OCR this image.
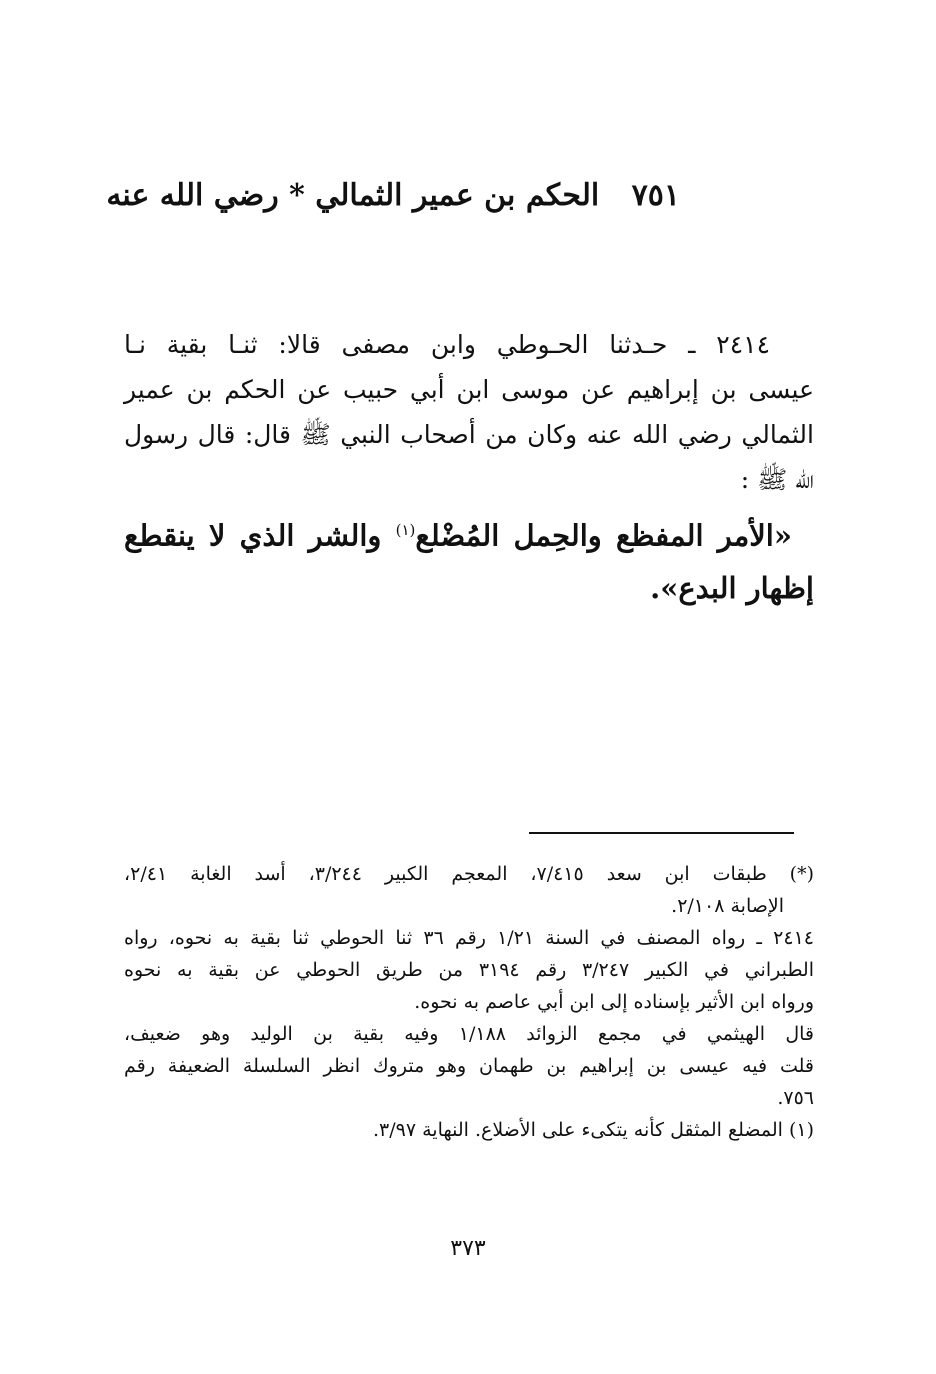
٧٥١ الحكم بن عمير الثمالي * رضي الله عنه
٢٤١٤ ـ حـدثنا الحـوطي وابن مصفى قالا: ثنـا بقية نـا
عيسى بن إبراهيم عن موسى ابن أبي حبيب عن الحكم بن عمير
الثمالي رضي الله عنه وكان من أصحاب النبي ﷺ قال: قال رسول
الله ﷺ :
«الأمر المفظع والحِمل المُضْلع$^{(١)}$ والشر الذي لا ينقطع
إظهار البدع».
(*) طبقات ابن سعد ٧/٤١٥، المعجم الكبير ٣/٢٤٤، أسد الغابة ٢/٤١،
الإصابة ٢/١٠٨.
٢٤١٤ ـ رواه المصنف في السنة ١/٢١ رقم ٣٦ ثنا الحوطي ثنا بقية به نحوه، رواه
الطبراني في الكبير ٣/٢٤٧ رقم ٣١٩٤ من طريق الحوطي عن بقية به نحوه
ورواه ابن الأثير بإسناده إلى ابن أبي عاصم به نحوه.
قال الهيثمي في مجمع الزوائد ١/١٨٨ وفيه بقية بن الوليد وهو ضعيف،
قلت فيه عيسى بن إبراهيم بن طهمان وهو متروك انظر السلسلة الضعيفة رقم
٧٥٦.
(١) المضلع المثقل كأنه يتكىء على الأضلاع. النهاية ٣/٩٧.
٣٧٣
